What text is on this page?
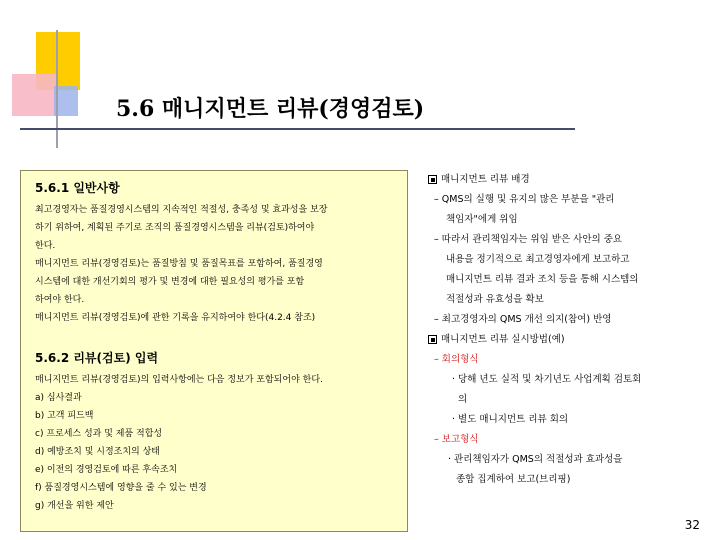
5.6 매니지먼트 리뷰(경영검토)
5.6.1 일반사항
최고경영자는 품질경영시스템의 지속적인 적절성, 충족성 및 효과성을 보장
하기 위하여, 계획된 주기로 조직의 품질경영시스템을 리뷰(검토)하여야
한다.
매니지먼트 리뷰(경영검토)는 품질방침 및 품질목표를 포함하여, 품질경영
시스템에 대한 개선기회의 평가 및 변경에 대한 필요성의 평가를 포함
하여야 한다.
매니지먼트 리뷰(경영검토)에 관한 기록을 유지하여야 한다(4.2.4 참조)
5.6.2 리뷰(검토) 입력
매니지먼트 리뷰(경영검토)의 입력사항에는 다음 정보가 포함되어야 한다.
a) 심사결과
b) 고객 피드백
c) 프로세스 성과 및 제품 적합성
d) 예방조치 및 시정조치의 상태
e) 이전의 경영검토에 따른 후속조치
f) 품질경영시스템에 영향을 줄 수 있는 변경
g) 개선을 위한 제안
매니지먼트 리뷰 배경
– QMS의 실행 및 유지의 많은 부분을 "관리
책임자"에게 위임
– 따라서 관리책임자는 위임 받은 사안의 중요
내용을 정기적으로 최고경영자에게 보고하고
매니지먼트 리뷰 결과 조치 등을 통해 시스템의
적절성과 유효성을 확보
– 최고경영자의 QMS 개선 의지(참여) 반영
매니지먼트 리뷰 실시방법(예)
– 회의형식
· 당해 년도 실적 및 차기년도 사업계획 검토회
의
· 별도 매니지먼트 리뷰 회의
– 보고형식
· 관리책임자가 QMS의 적절성과 효과성을
종합 집계하여 보고(브리핑)
32
